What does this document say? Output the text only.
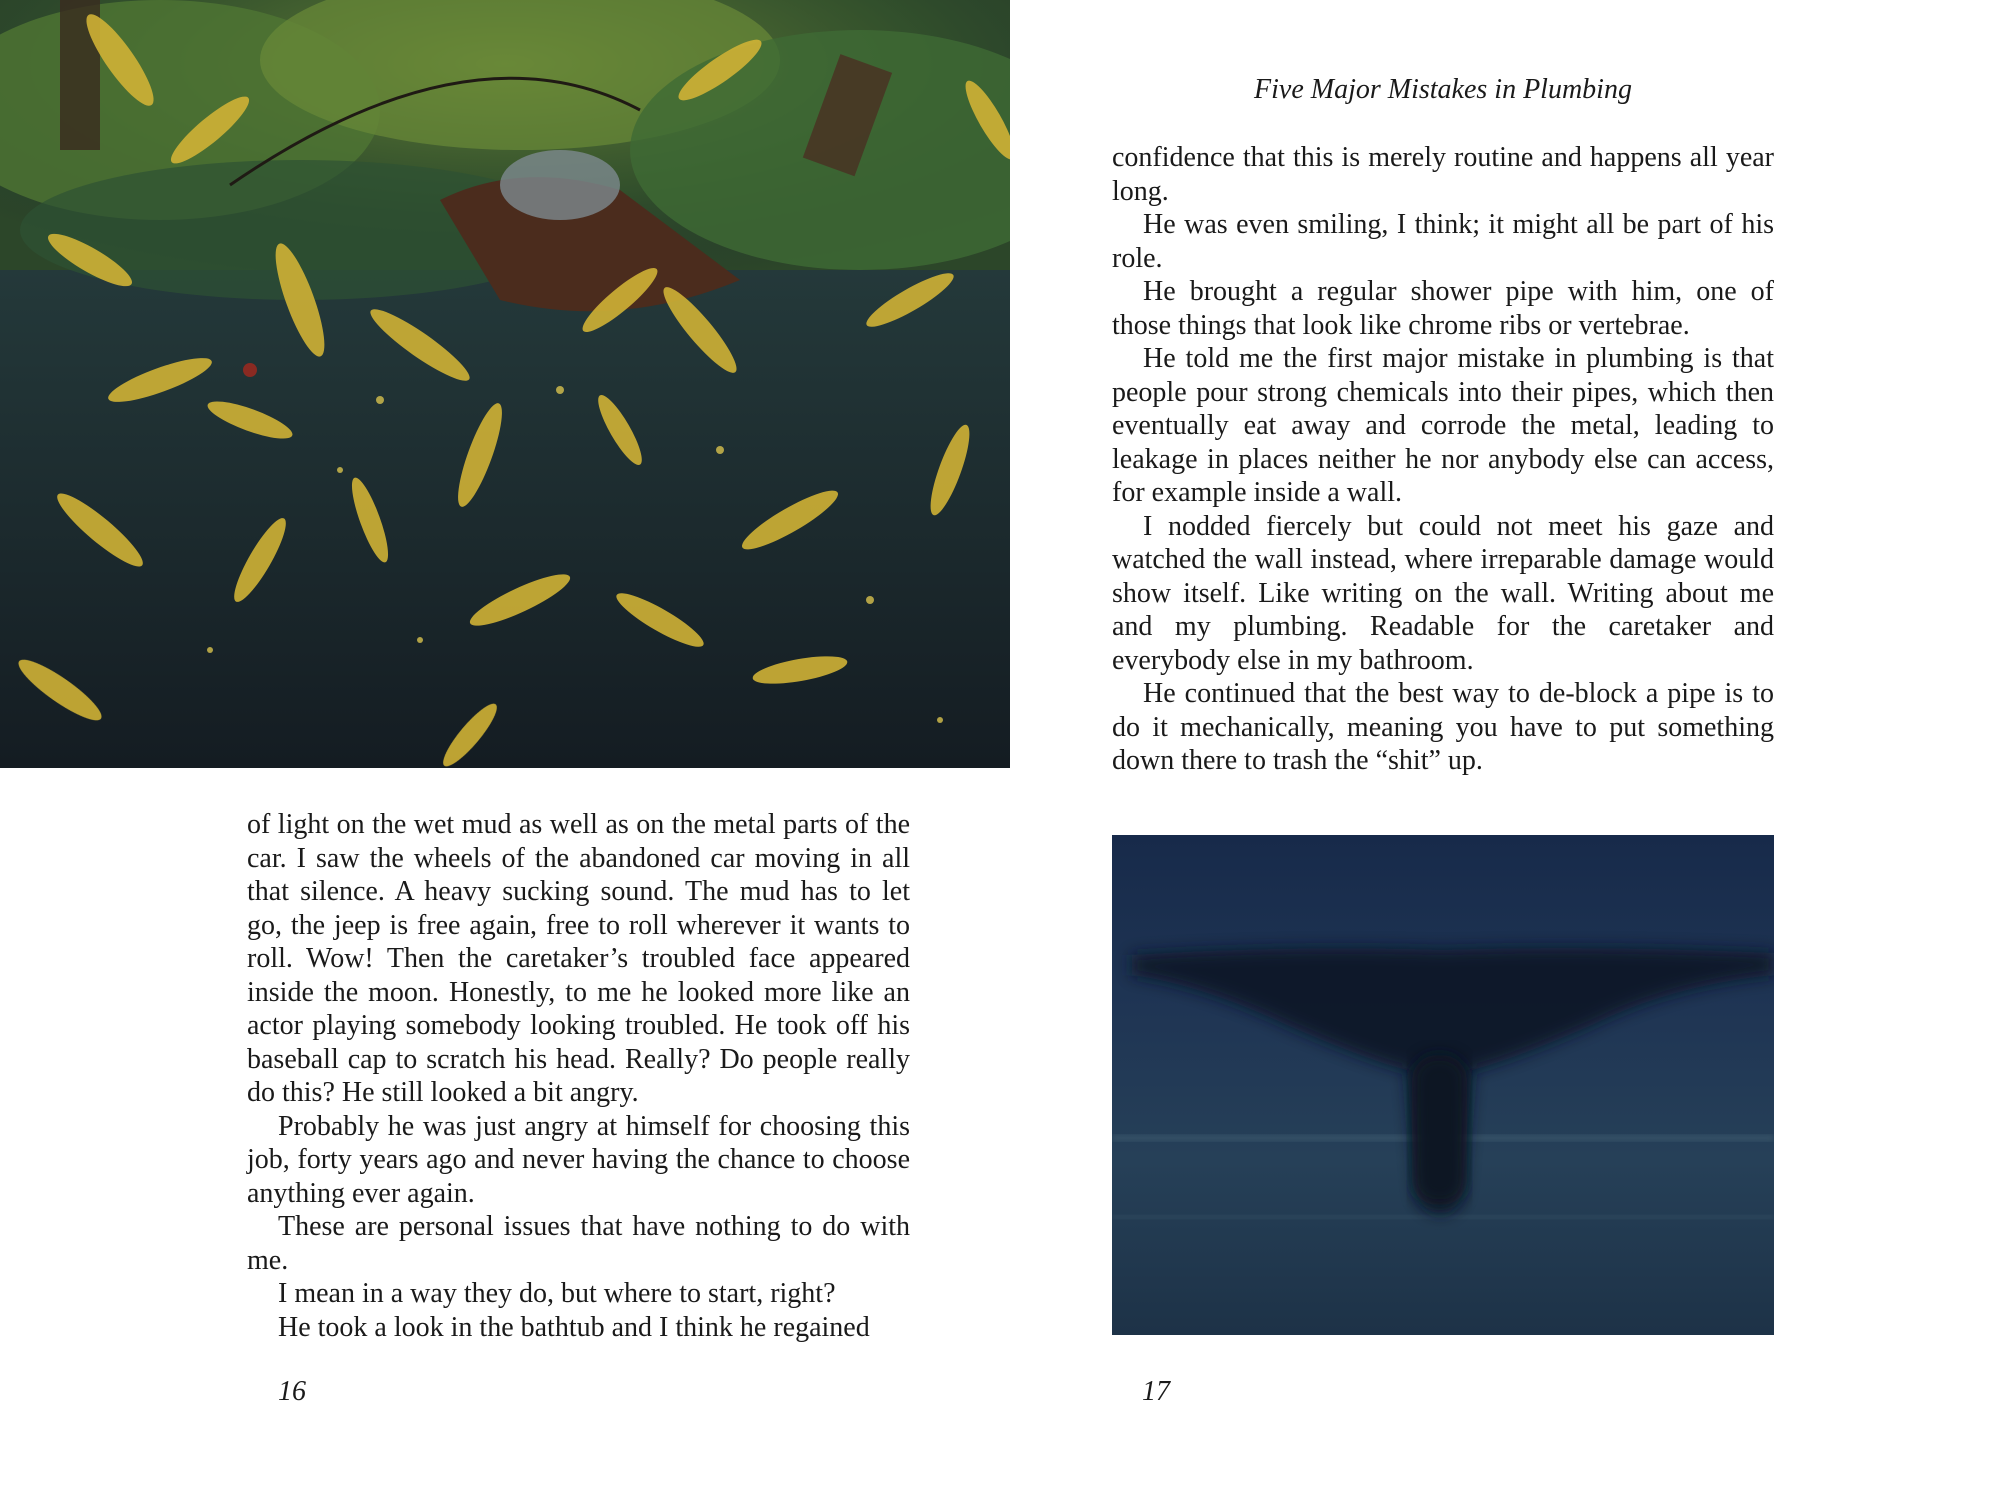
of light on the wet mud as well as on the metal parts of the car. I saw the wheels of the abandoned car moving in all that silence. A heavy sucking sound. The mud has to let go, the jeep is free again, free to roll wherever it wants to roll. Wow! Then the caretaker’s troubled face appeared inside the moon. Honestly, to me he looked more like an actor playing somebody looking troubled. He took off his baseball cap to scratch his head. Really? Do people really do this? He still looked a bit angry.

Probably he was just angry at himself for choosing this job, forty years ago and never having the chance to choose anything ever again.

These are personal issues that have nothing to do with me.

I mean in a way they do, but where to start, right?

He took a look in the bathtub and I think he regained

16
Five Major Mistakes in Plumbing

confidence that this is merely routine and happens all year long.

He was even smiling, I think; it might all be part of his role.

He brought a regular shower pipe with him, one of those things that look like chrome ribs or vertebrae.

He told me the first major mistake in plumbing is that people pour strong chemicals into their pipes, which then eventually eat away and corrode the metal, leading to leakage in places neither he nor anybody else can access, for example inside a wall.

I nodded fiercely but could not meet his gaze and watched the wall instead, where irreparable damage would show itself. Like writing on the wall. Writing about me and my plumbing. Readable for the caretaker and everybody else in my bathroom.

He continued that the best way to de-block a pipe is to do it mechanically, meaning you have to put something down there to trash the “shit” up.

17
